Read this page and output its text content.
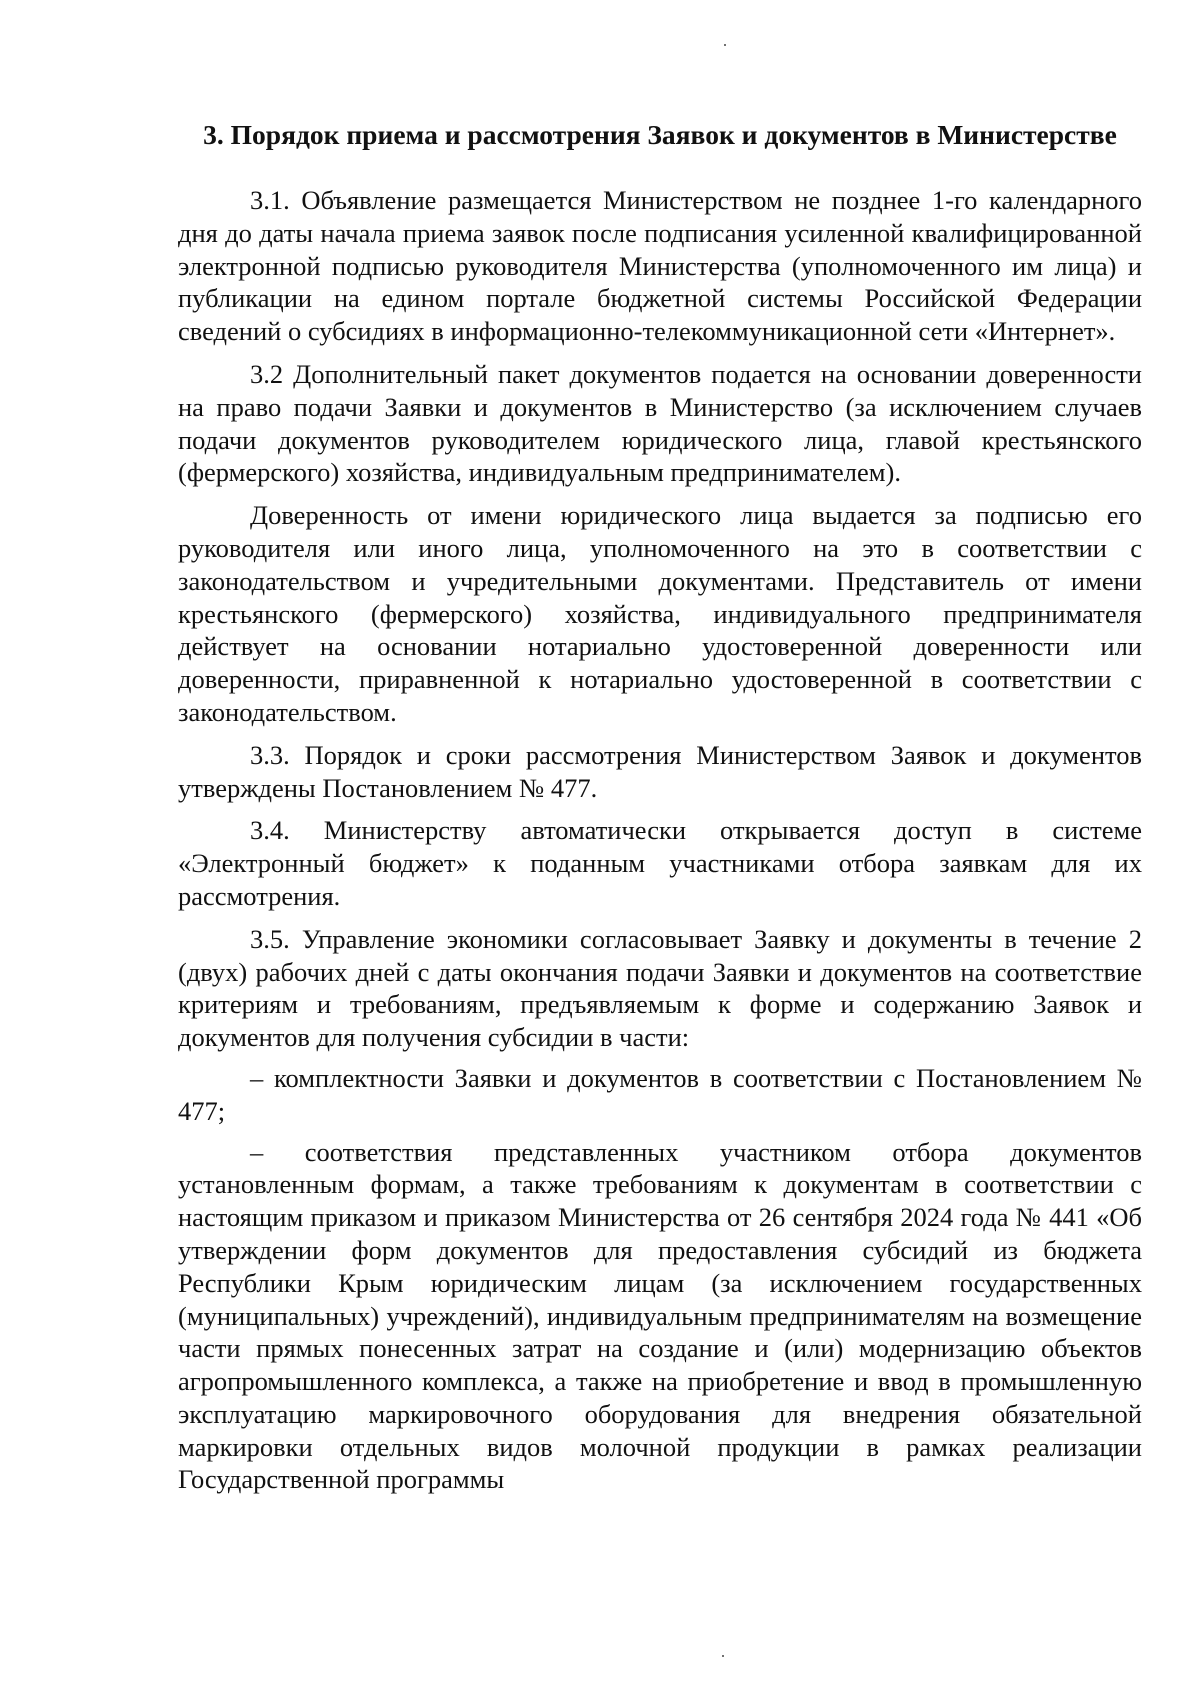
3. Порядок приема и рассмотрения Заявок и документов в Министерстве

3.1. Объявление размещается Министерством не позднее 1-го календарного дня до даты начала приема заявок после подписания усиленной квалифицированной электронной подписью руководителя Министерства (уполномоченного им лица) и публикации на едином портале бюджетной системы Российской Федерации сведений о субсидиях в информационно-телекоммуникационной сети «Интернет».

3.2 Дополнительный пакет документов подается на основании доверенности на право подачи Заявки и документов в Министерство (за исключением случаев подачи документов руководителем юридического лица, главой крестьянского (фермерского) хозяйства, индивидуальным предпринимателем).

Доверенность от имени юридического лица выдается за подписью его руководителя или иного лица, уполномоченного на это в соответствии с законодательством и учредительными документами. Представитель от имени крестьянского (фермерского) хозяйства, индивидуального предпринимателя действует на основании нотариально удостоверенной доверенности или доверенности, приравненной к нотариально удостоверенной в соответствии с законодательством.

3.3. Порядок и сроки рассмотрения Министерством Заявок и документов утверждены Постановлением № 477.

3.4. Министерству автоматически открывается доступ в системе «Электронный бюджет» к поданным участниками отбора заявкам для их рассмотрения.

3.5. Управление экономики согласовывает Заявку и документы в течение 2 (двух) рабочих дней с даты окончания подачи Заявки и документов на соответствие критериям и требованиям, предъявляемым к форме и содержанию Заявок и документов для получения субсидии в части:

– комплектности Заявки и документов в соответствии с Постановлением № 477;

– соответствия представленных участником отбора документов установленным формам, а также требованиям к документам в соответствии с настоящим приказом и приказом Министерства от 26 сентября 2024 года № 441 «Об утверждении форм документов для предоставления субсидий из бюджета Республики Крым юридическим лицам (за исключением государственных (муниципальных) учреждений), индивидуальным предпринимателям на возмещение части прямых понесенных затрат на создание и (или) модернизацию объектов агропромышленного комплекса, а также на приобретение и ввод в промышленную эксплуатацию маркировочного оборудования для внедрения обязательной маркировки отдельных видов молочной продукции в рамках реализации Государственной программы
